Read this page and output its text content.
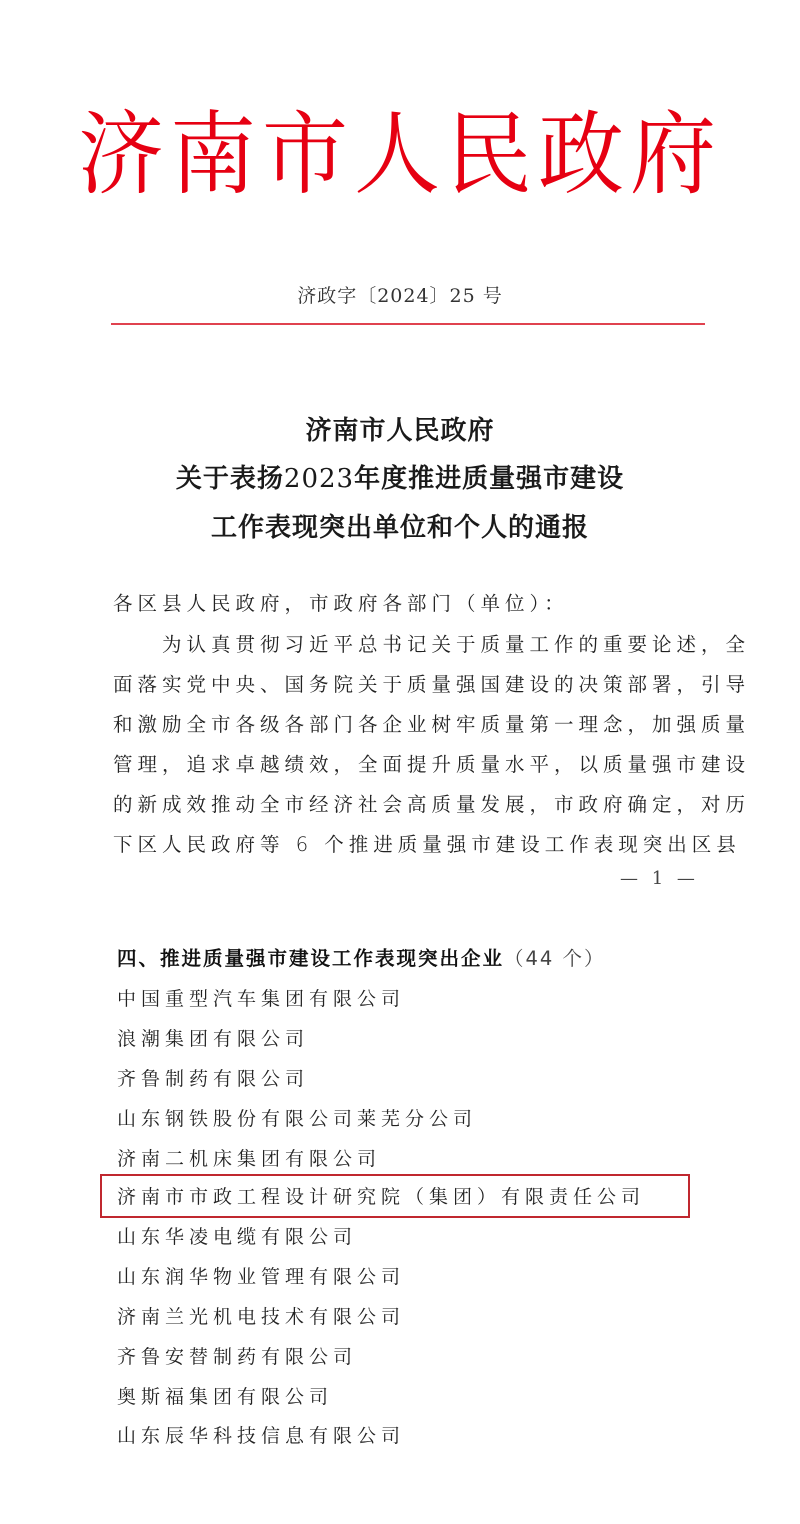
济南市人民政府
济政字〔2024〕25 号
济南市人民政府
关于表扬2023年度推进质量强市建设
工作表现突出单位和个人的通报
各区县人民政府，市政府各部门（单位）：
　　为认真贯彻习近平总书记关于质量工作的重要论述，全
面落实党中央、国务院关于质量强国建设的决策部署，引导
和激励全市各级各部门各企业树牢质量第一理念，加强质量
管理，追求卓越绩效，全面提升质量水平，以质量强市建设
的新成效推动全市经济社会高质量发展，市政府确定，对历
下区人民政府等 6 个推进质量强市建设工作表现突出区县
— 1 —
四、推进质量强市建设工作表现突出企业（44 个）
中国重型汽车集团有限公司
浪潮集团有限公司
齐鲁制药有限公司
山东钢铁股份有限公司莱芜分公司
济南二机床集团有限公司
济南市市政工程设计研究院（集团）有限责任公司
山东华凌电缆有限公司
山东润华物业管理有限公司
济南兰光机电技术有限公司
齐鲁安替制药有限公司
奥斯福集团有限公司
山东辰华科技信息有限公司
